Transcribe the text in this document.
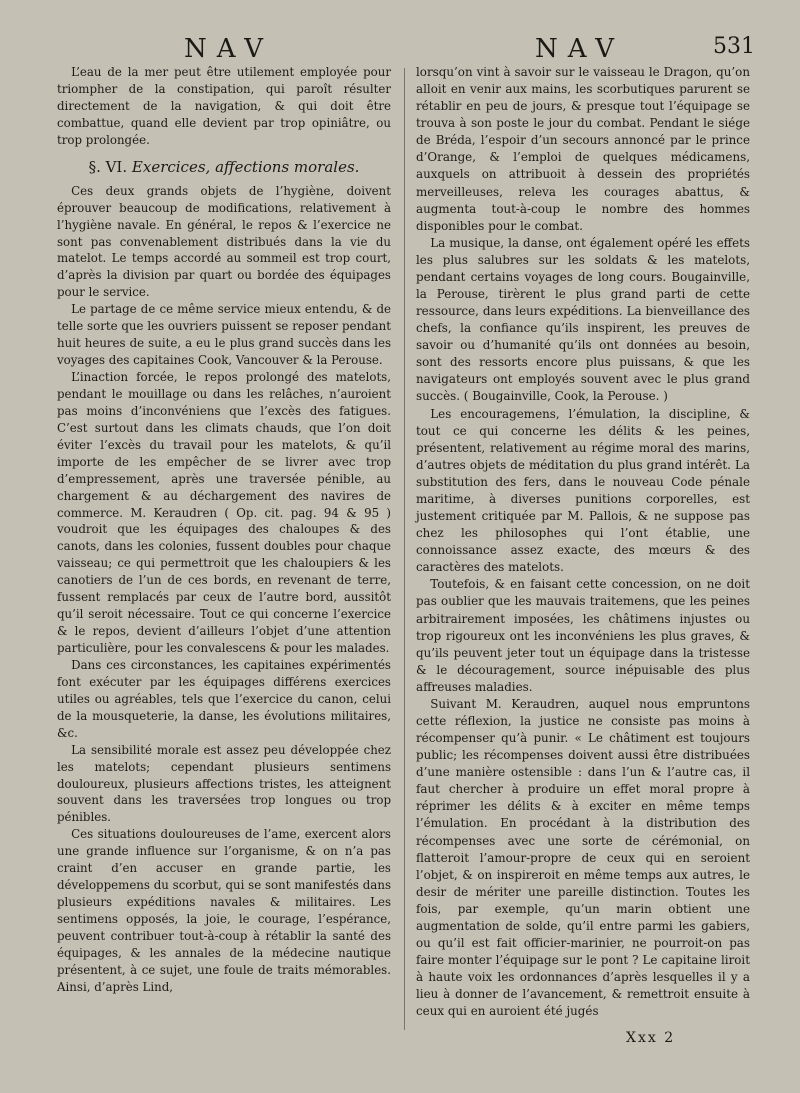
NAV	NAV	531

L’eau de la mer peut être utilement employée pour triompher de la constipation, qui paroît résulter directement de la navigation, & qui doit être combattue, quand elle devient par trop opiniâtre, ou trop prolongée.

§. VI. Exercices, affections morales.

Ces deux grands objets de l’hygiène, doivent éprouver beaucoup de modifications, relativement à l’hygiène navale. En général, le repos & l’exercice ne sont pas convenablement distribués dans la vie du matelot. Le temps accordé au sommeil est trop court, d’après la division par quart ou bordée des équipages pour le service.

Le partage de ce même service mieux entendu, & de telle sorte que les ouvriers puissent se reposer pendant huit heures de suite, a eu le plus grand succès dans les voyages des capitaines Cook, Vancouver & la Perouse.

L’inaction forcée, le repos prolongé des matelots, pendant le mouillage ou dans les relâches, n’auroient pas moins d’inconvéniens que l’excès des fatigues. C’est surtout dans les climats chauds, que l’on doit éviter l’excès du travail pour les matelots, & qu’il importe de les empêcher de se livrer avec trop d’empressement, après une traversée pénible, au chargement & au déchargement des navires de commerce. M. Keraudren ( Op. cit. pag. 94 & 95 ) voudroit que les équipages des chaloupes & des canots, dans les colonies, fussent doubles pour chaque vaisseau; ce qui permettroit que les chaloupiers & les canotiers de l’un de ces bords, en revenant de terre, fussent remplacés par ceux de l’autre bord, aussitôt qu’il seroit nécessaire. Tout ce qui concerne l’exercice & le repos, devient d’ailleurs l’objet d’une attention particulière, pour les convalescens & pour les malades.

Dans ces circonstances, les capitaines expérimentés font exécuter par les équipages différens exercices utiles ou agréables, tels que l’exercice du canon, celui de la mousqueterie, la danse, les évolutions militaires, &c.

La sensibilité morale est assez peu développée chez les matelots; cependant plusieurs sentimens douloureux, plusieurs affections tristes, les atteignent souvent dans les traversées trop longues ou trop pénibles.

Ces situations douloureuses de l’ame, exercent alors une grande influence sur l’organisme, & on n’a pas craint d’en accuser en grande partie, les développemens du scorbut, qui se sont manifestés dans plusieurs expéditions navales & militaires. Les sentimens opposés, la joie, le courage, l’espérance, peuvent contribuer tout-à-coup à rétablir la santé des équipages, & les annales de la médecine nautique présentent, à ce sujet, une foule de traits mémorables. Ainsi, d’après Lind,

lorsqu’on vint à savoir sur le vaisseau le Dragon, qu’on alloit en venir aux mains, les scorbutiques parurent se rétablir en peu de jours, & presque tout l’équipage se trouva à son poste le jour du combat. Pendant le siége de Bréda, l’espoir d’un secours annoncé par le prince d’Orange, & l’emploi de quelques médicamens, auxquels on attribuoit à dessein des propriétés merveilleuses, releva les courages abattus, & augmenta tout-à-coup le nombre des hommes disponibles pour le combat.

La musique, la danse, ont également opéré les effets les plus salubres sur les soldats & les matelots, pendant certains voyages de long cours. Bougainville, la Perouse, tirèrent le plus grand parti de cette ressource, dans leurs expéditions. La bienveillance des chefs, la confiance qu’ils inspirent, les preuves de savoir ou d’humanité qu’ils ont données au besoin, sont des ressorts encore plus puissans, & que les navigateurs ont employés souvent avec le plus grand succès. ( Bougainville, Cook, la Perouse. )

Les encouragemens, l’émulation, la discipline, & tout ce qui concerne les délits & les peines, présentent, relativement au régime moral des marins, d’autres objets de méditation du plus grand intérêt. La substitution des fers, dans le nouveau Code pénale maritime, à diverses punitions corporelles, est justement critiquée par M. Pallois, & ne suppose pas chez les philosophes qui l’ont établie, une connoissance assez exacte, des mœurs & des caractères des matelots.

Toutefois, & en faisant cette concession, on ne doit pas oublier que les mauvais traitemens, que les peines arbitrairement imposées, les châtimens injustes ou trop rigoureux ont les inconvéniens les plus graves, & qu’ils peuvent jeter tout un équipage dans la tristesse & le découragement, source inépuisable des plus affreuses maladies.

Suivant M. Keraudren, auquel nous empruntons cette réflexion, la justice ne consiste pas moins à récompenser qu’à punir. « Le châtiment est toujours public; les récompenses doivent aussi être distribuées d’une manière ostensible : dans l’un & l’autre cas, il faut chercher à produire un effet moral propre à réprimer les délits & à exciter en même temps l’émulation. En procédant à la distribution des récompenses avec une sorte de cérémonial, on flatteroit l’amour-propre de ceux qui en seroient l’objet, & on inspireroit en même temps aux autres, le desir de mériter une pareille distinction. Toutes les fois, par exemple, qu’un marin obtient une augmentation de solde, qu’il entre parmi les gabiers, ou qu’il est fait officier-marinier, ne pourroit-on pas faire monter l’équipage sur le pont ? Le capitaine liroit à haute voix les ordonnances d’après lesquelles il y a lieu à donner de l’avancement, & remettroit ensuite à ceux qui en auroient été jugés

Xxx 2
